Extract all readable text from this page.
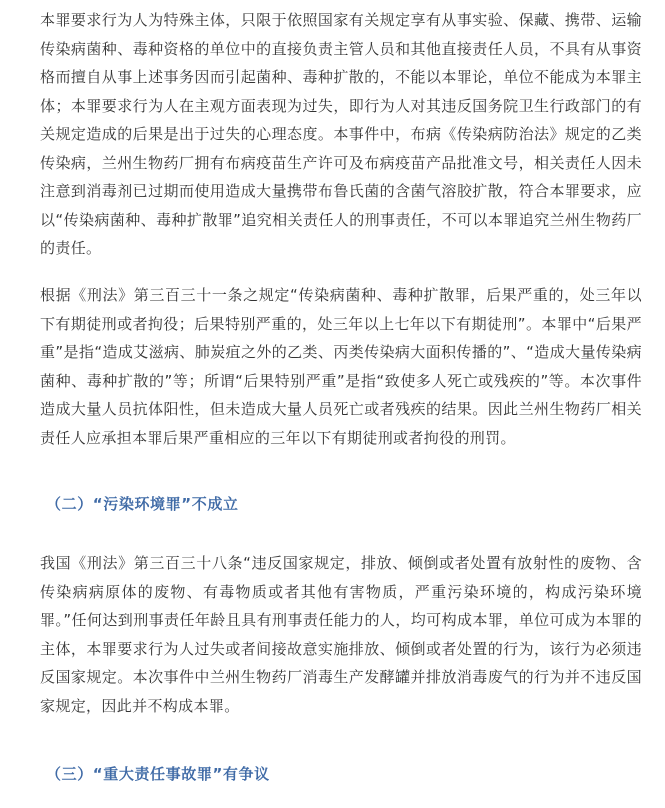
本罪要求行为人为特殊主体，只限于依照国家有关规定享有从事实验、保藏、携带、运输传染病菌种、毒种资格的单位中的直接负责主管人员和其他直接责任人员，不具有从事资格而擅自从事上述事务因而引起菌种、毒种扩散的，不能以本罪论，单位不能成为本罪主体；本罪要求行为人在主观方面表现为过失，即行为人对其违反国务院卫生行政部门的有关规定造成的后果是出于过失的心理态度。本事件中，布病《传染病防治法》规定的乙类传染病，兰州生物药厂拥有布病疫苗生产许可及布病疫苗产品批准文号，相关责任人因未注意到消毒剂已过期而使用造成大量携带布鲁氏菌的含菌气溶胶扩散，符合本罪要求，应以“传染病菌种、毒种扩散罪”追究相关责任人的刑事责任，不可以本罪追究兰州生物药厂的责任。

根据《刑法》第三百三十一条之规定“传染病菌种、毒种扩散罪，后果严重的，处三年以下有期徒刑或者拘役；后果特别严重的，处三年以上七年以下有期徒刑”。本罪中“后果严重”是指“造成艾滋病、肺炭疽之外的乙类、丙类传染病大面积传播的”、“造成大量传染病菌种、毒种扩散的”等；所谓“后果特别严重”是指“致使多人死亡或残疾的”等。本次事件造成大量人员抗体阳性，但未造成大量人员死亡或者残疾的结果。因此兰州生物药厂相关责任人应承担本罪后果严重相应的三年以下有期徒刑或者拘役的刑罚。

（二）“污染环境罪”不成立

我国《刑法》第三百三十八条“违反国家规定，排放、倾倒或者处置有放射性的废物、含传染病病原体的废物、有毒物质或者其他有害物质，严重污染环境的，构成污染环境罪。”任何达到刑事责任年龄且具有刑事责任能力的人，均可构成本罪，单位可成为本罪的主体，本罪要求行为人过失或者间接故意实施排放、倾倒或者处置的行为，该行为必须违反国家规定。本次事件中兰州生物药厂消毒生产发酵罐并排放消毒废气的行为并不违反国家规定，因此并不构成本罪。

（三）“重大责任事故罪”有争议
